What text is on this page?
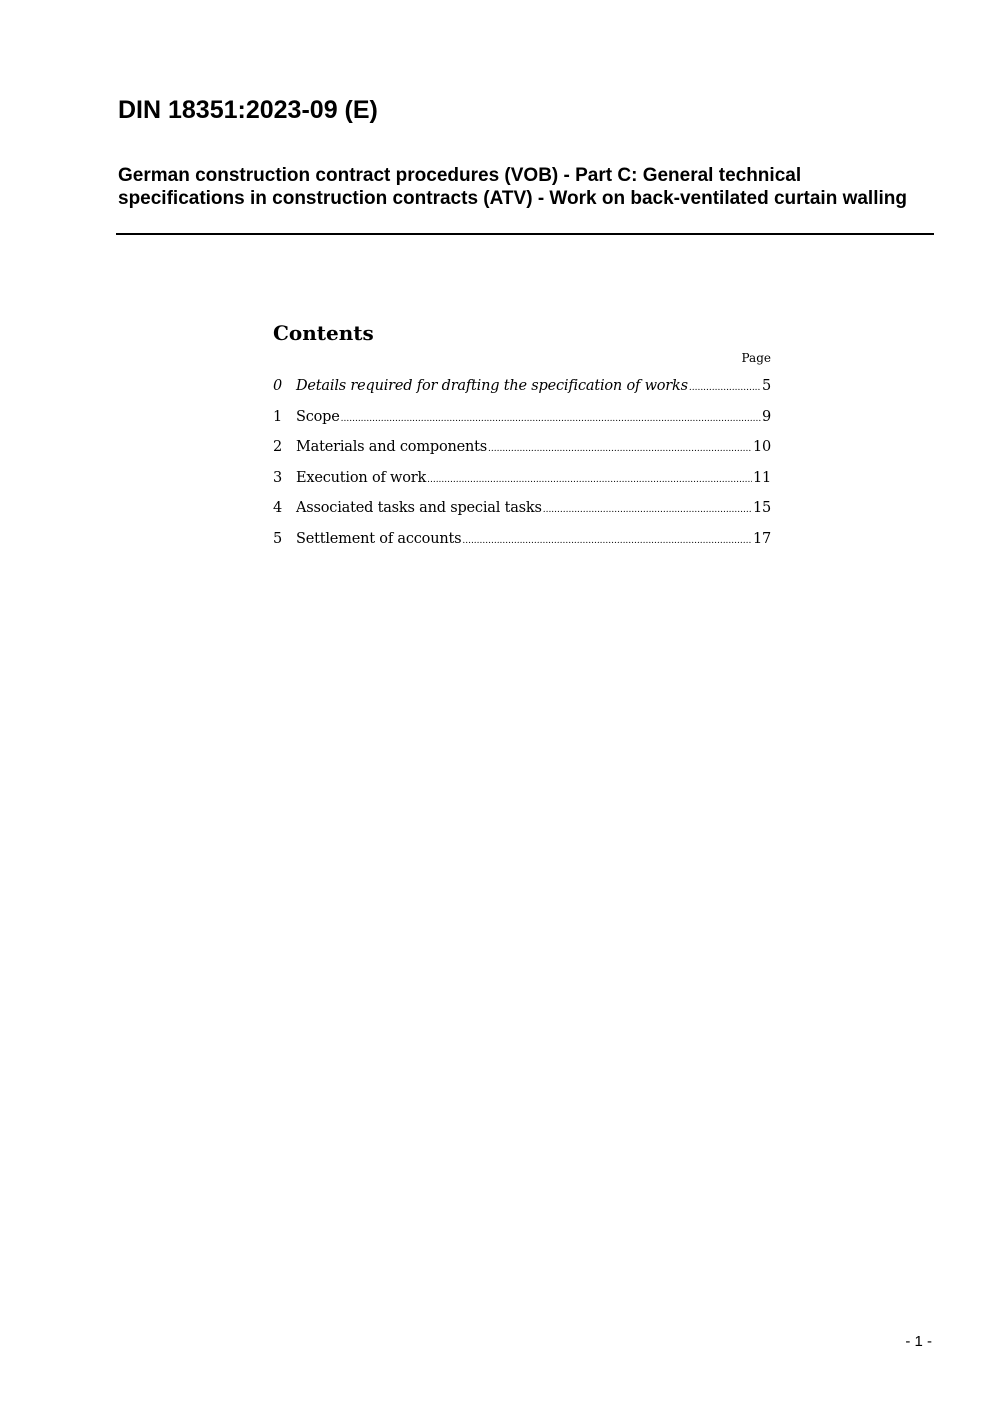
DIN 18351:2023-09 (E)
German construction contract procedures (VOB) - Part C: General technical specifications in construction contracts (ATV) - Work on back-ventilated curtain walling
Contents
Page
0 Details required for drafting the specification of works .....	5
1 Scope .....	9
2 Materials and components .....	10
3 Execution of work .....	11
4 Associated tasks and special tasks .....	15
5 Settlement of accounts .....	17
- 1 -
